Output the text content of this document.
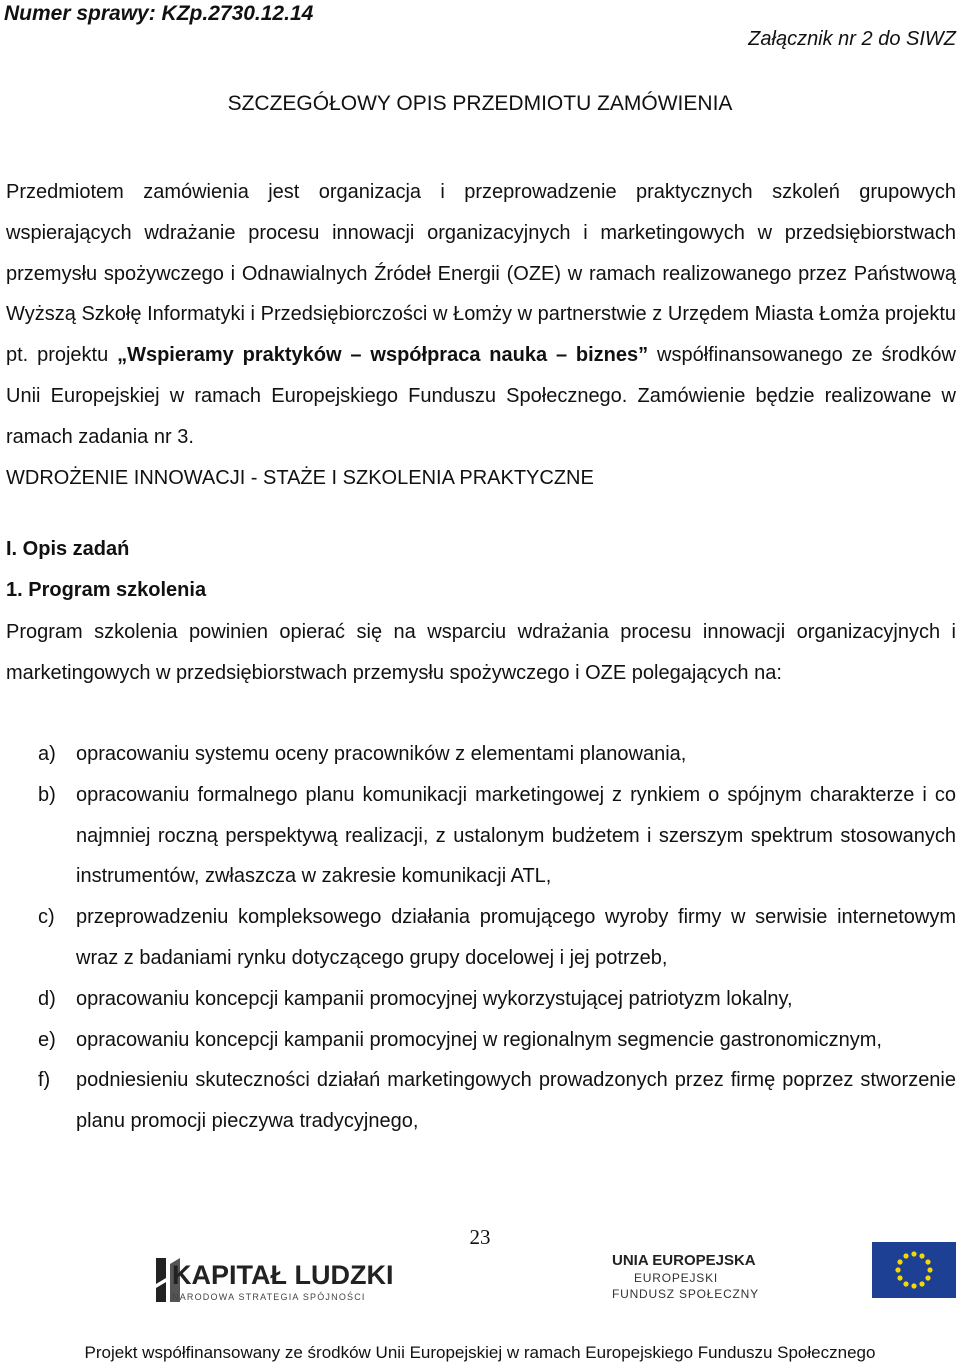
Numer sprawy: KZp.2730.12.14
Załącznik nr 2 do SIWZ
SZCZEGÓŁOWY OPIS PRZEDMIOTU ZAMÓWIENIA
Przedmiotem zamówienia jest organizacja i przeprowadzenie praktycznych szkoleń grupowych wspierających wdrażanie procesu innowacji organizacyjnych i marketingowych w przedsiębiorstwach przemysłu spożywczego i Odnawialnych Źródeł Energii (OZE) w ramach realizowanego przez Państwową Wyższą Szkołę Informatyki i Przedsiębiorczości w Łomży w partnerstwie z Urzędem Miasta Łomża projektu pt. projektu „Wspieramy praktyków – współpraca nauka – biznes” współfinansowanego ze środków Unii Europejskiej w ramach Europejskiego Funduszu Społecznego. Zamówienie będzie realizowane w ramach zadania nr 3.
WDROŻENIE INNOWACJI - STAŻE I SZKOLENIA PRAKTYCZNE
I. Opis zadań
1. Program szkolenia
Program szkolenia powinien opierać się na wsparciu wdrażania procesu innowacji organizacyjnych i marketingowych w przedsiębiorstwach przemysłu spożywczego i OZE polegających na:
a)	opracowaniu systemu oceny pracowników z elementami planowania,
b)	opracowaniu formalnego planu komunikacji marketingowej z rynkiem o spójnym charakterze i co najmniej roczną perspektywą realizacji, z ustalonym budżetem i szerszym spektrum stosowanych instrumentów, zwłaszcza w zakresie komunikacji ATL,
c)	przeprowadzeniu kompleksowego działania promującego wyroby firmy w serwisie internetowym wraz z badaniami rynku dotyczącego grupy docelowej i jej potrzeb,
d)	opracowaniu koncepcji kampanii promocyjnej wykorzystującej patriotyzm lokalny,
e)	opracowaniu koncepcji kampanii promocyjnej w regionalnym segmencie gastronomicznym,
f)	podniesieniu skuteczności działań marketingowych prowadzonych przez firmę poprzez stworzenie planu promocji pieczywa tradycyjnego,
23
KAPITAŁ LUDZKI
NARODOWA STRATEGIA SPÓJNOŚCI
UNIA EUROPEJSKA
EUROPEJSKI
FUNDUSZ SPOŁECZNY
Projekt współfinansowany ze środków Unii Europejskiej w ramach Europejskiego Funduszu Społecznego
